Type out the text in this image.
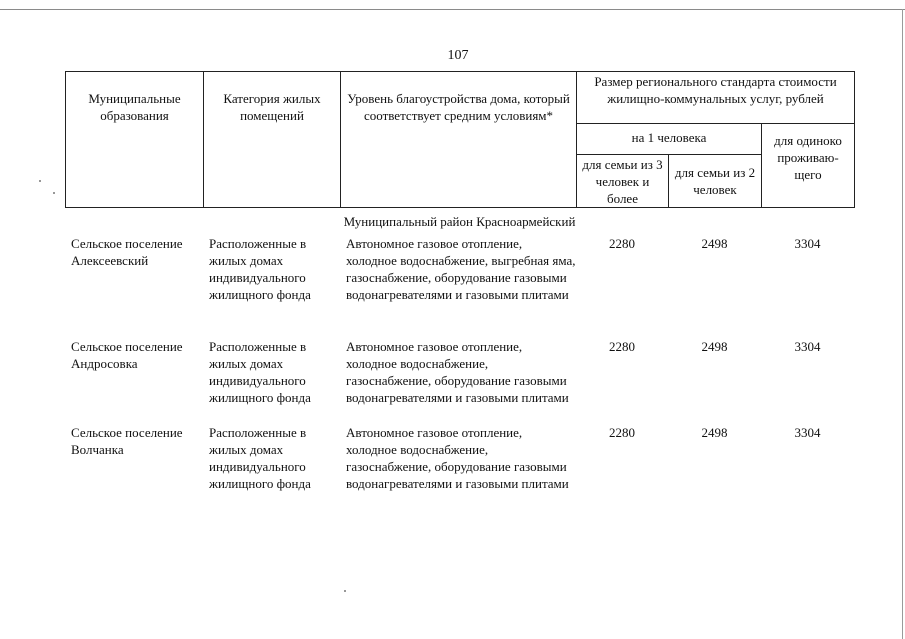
107
Муниципальные образования	Категория жилых помещений	Уровень благоустройства дома, который соответствует средним условиям*	Размер регионального стандарта стоимости жилищно-коммунальных услуг, рублей		
			на 1 человека		для одиноко проживаю-щего
			для семьи из 3 человек и более	для семьи из 2 человек	
Муниципальный район Красноармейский
Сельское поселение Алексеевский	Расположенные в жилых домах индивидуального жилищного фонда	Автономное газовое отопление, холодное водоснабжение, выгребная яма, газоснабжение, оборудование газовыми водонагревателями и газовыми плитами	2280	2498	3304
Сельское поселение Андросовка	Расположенные в жилых домах индивидуального жилищного фонда	Автономное газовое отопление, холодное водоснабжение, газоснабжение, оборудование газовыми водонагревателями и газовыми плитами	2280	2498	3304
Сельское поселение Волчанка	Расположенные в жилых домах индивидуального жилищного фонда	Автономное газовое отопление, холодное водоснабжение, газоснабжение, оборудование газовыми водонагревателями и газовыми плитами	2280	2498	3304
